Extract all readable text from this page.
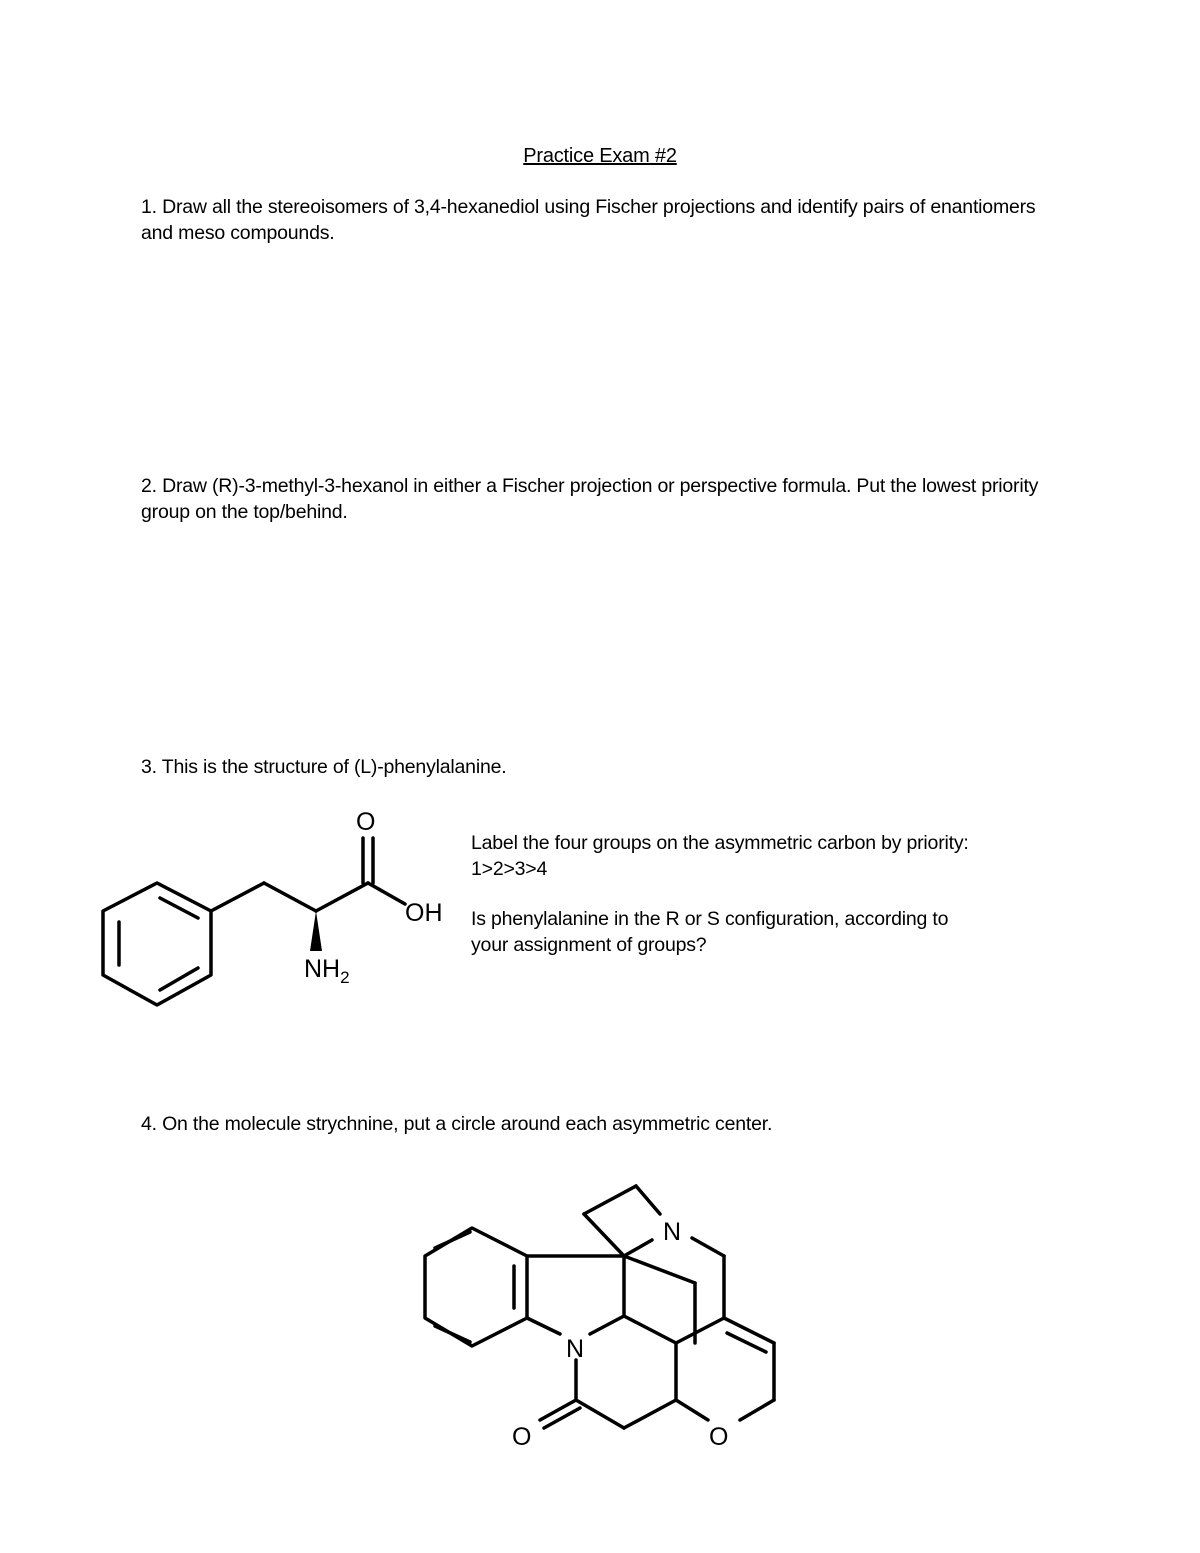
Practice Exam #2
1. Draw all the stereoisomers of 3,4-hexanediol using Fischer projections and identify pairs of enantiomers and meso compounds.
2. Draw (R)-3-methyl-3-hexanol in either a Fischer projection or perspective formula. Put the lowest priority group on the top/behind.
3. This is the structure of (L)-phenylalanine.
Label the four groups on the asymmetric carbon by priority:
1>2>3>4
Is phenylalanine in the R or S configuration, according to
your assignment of groups?
4. On the molecule strychnine, put a circle around each asymmetric center.
O
OH
$NH_2$
N
N
O	O
